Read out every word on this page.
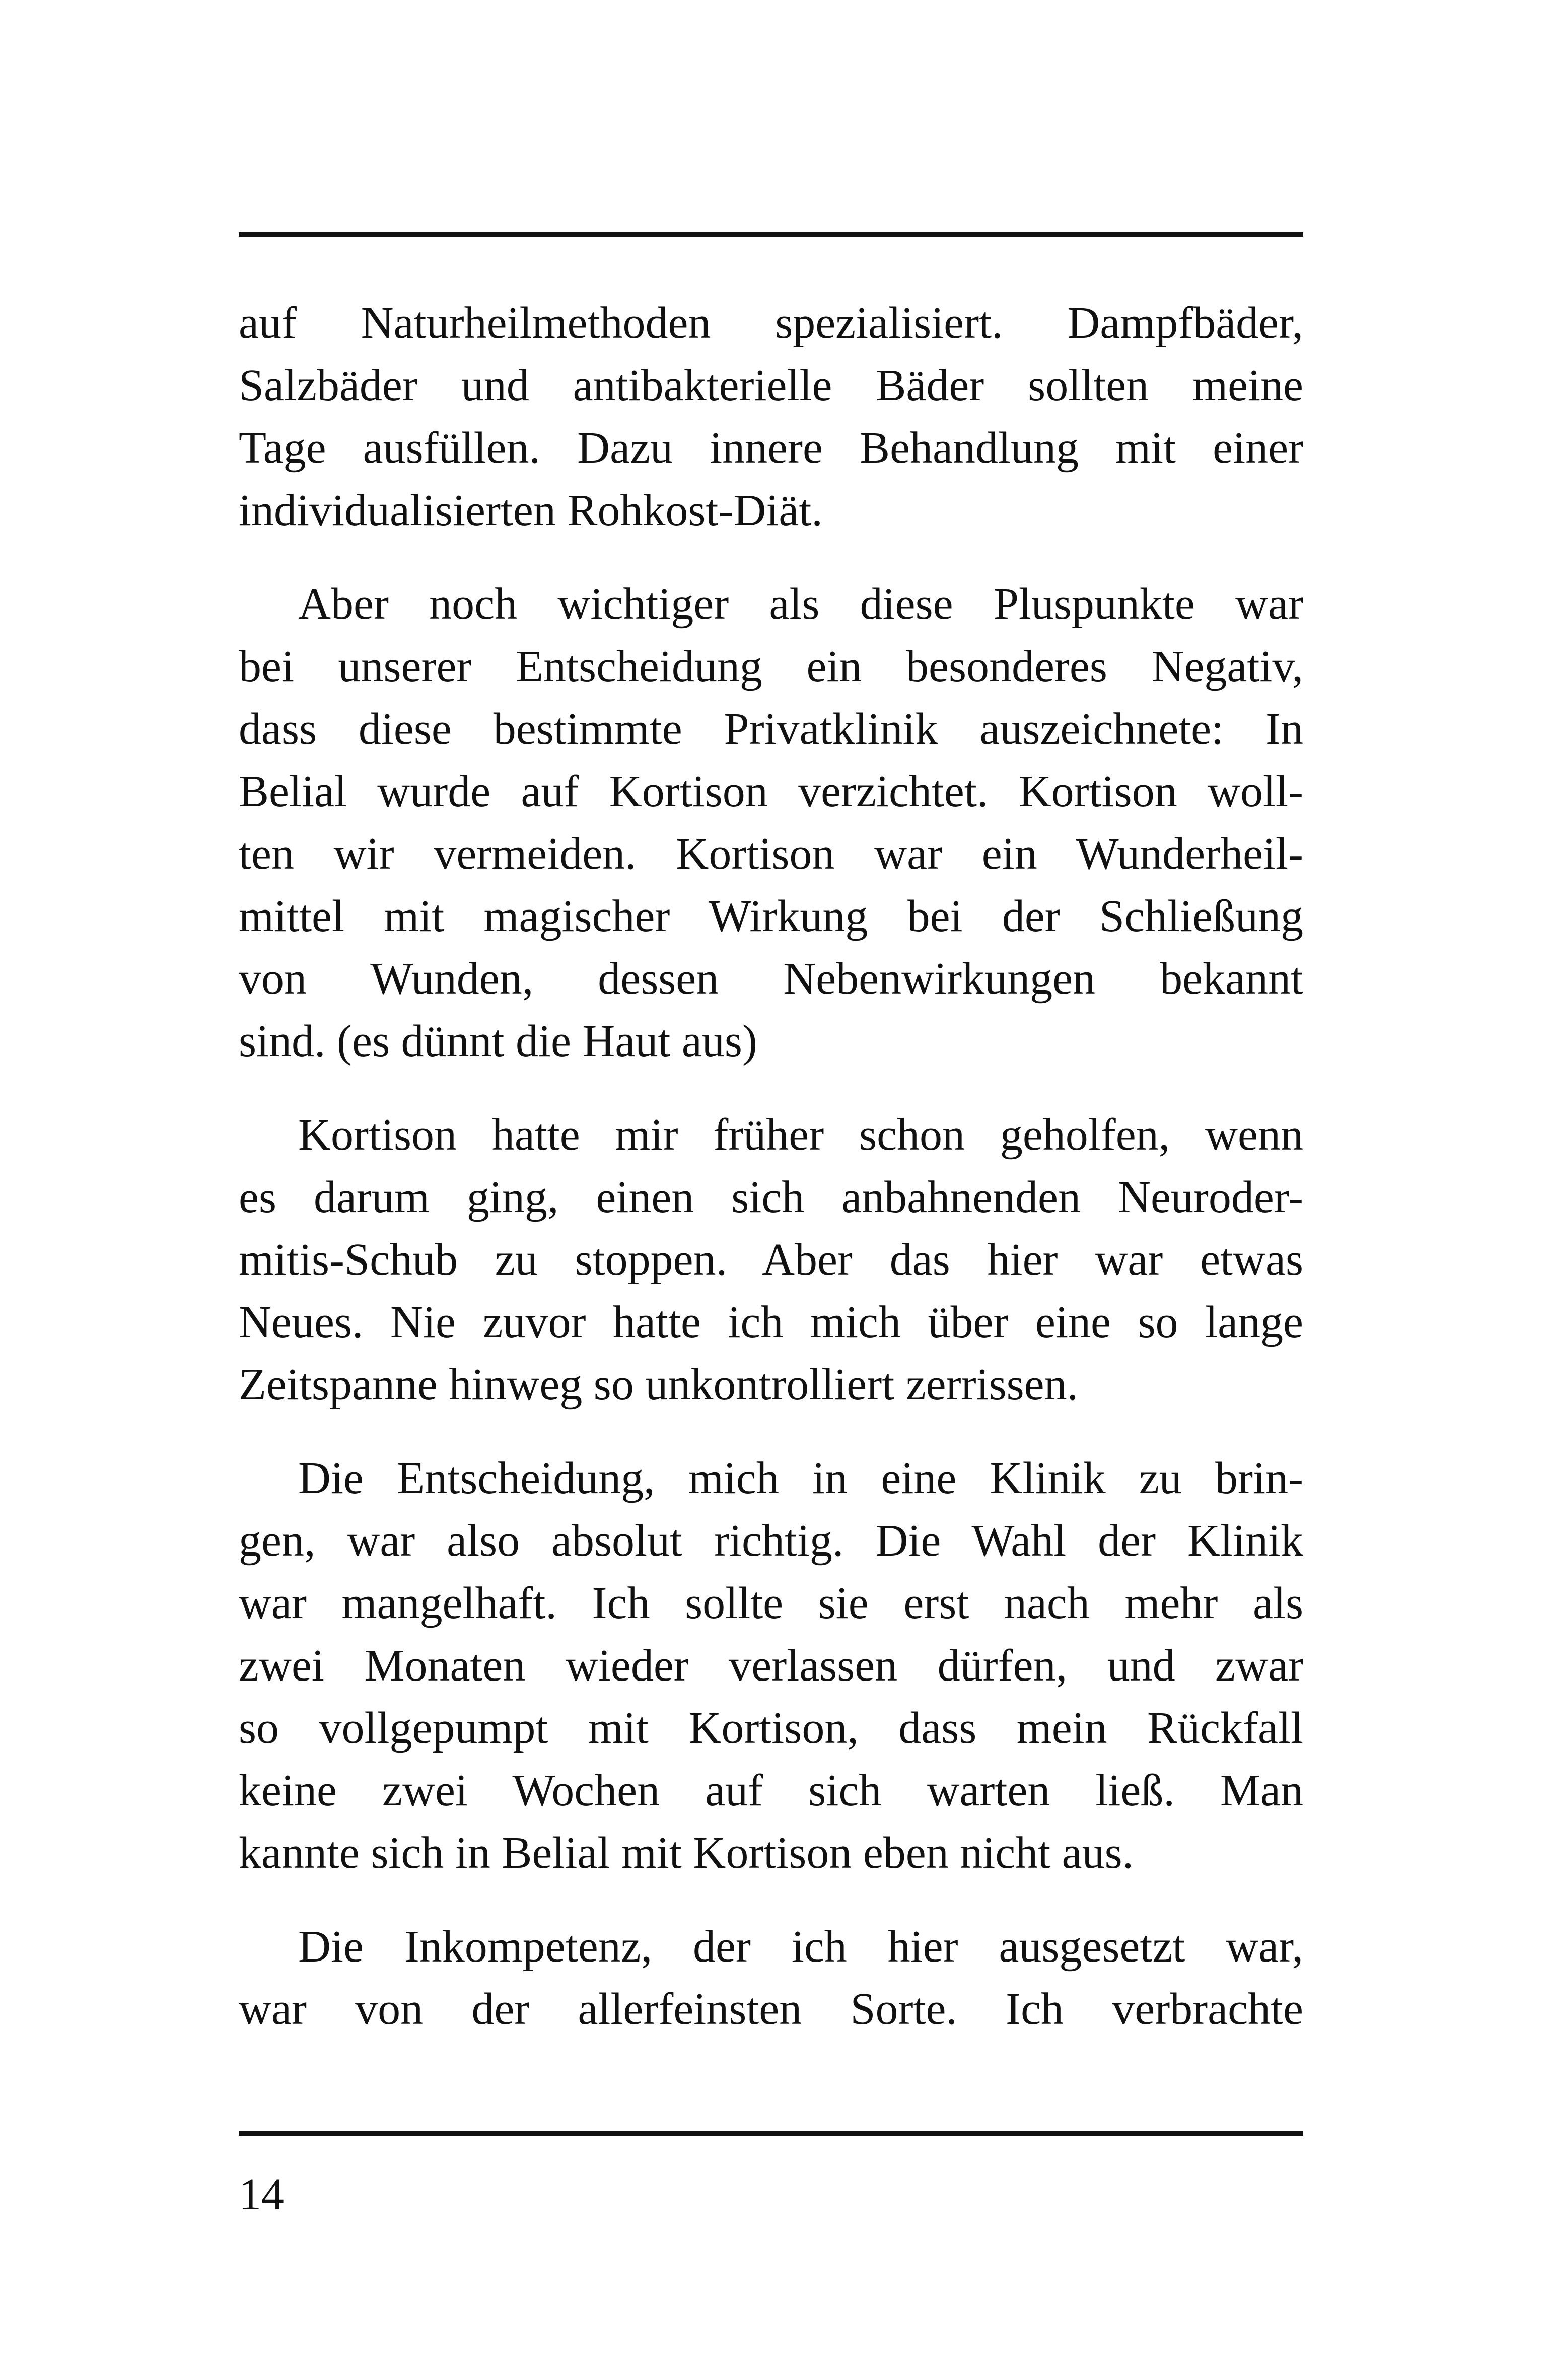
auf Naturheilmethoden spezialisiert. Dampfbäder,
Salzbäder und antibakterielle Bäder sollten meine
Tage ausfüllen. Dazu innere Behandlung mit einer
individualisierten Rohkost-Diät.

Aber noch wichtiger als diese Pluspunkte war
bei unserer Entscheidung ein besonderes Negativ,
dass diese bestimmte Privatklinik auszeichnete: In
Belial wurde auf Kortison verzichtet. Kortison woll-
ten wir vermeiden. Kortison war ein Wunderheil-
mittel mit magischer Wirkung bei der Schließung
von Wunden, dessen Nebenwirkungen bekannt
sind. (es dünnt die Haut aus)

Kortison hatte mir früher schon geholfen, wenn
es darum ging, einen sich anbahnenden Neuroder-
mitis-Schub zu stoppen. Aber das hier war etwas
Neues. Nie zuvor hatte ich mich über eine so lange
Zeitspanne hinweg so unkontrolliert zerrissen.

Die Entscheidung, mich in eine Klinik zu brin-
gen, war also absolut richtig. Die Wahl der Klinik
war mangelhaft. Ich sollte sie erst nach mehr als
zwei Monaten wieder verlassen dürfen, und zwar
so vollgepumpt mit Kortison, dass mein Rückfall
keine zwei Wochen auf sich warten ließ. Man
kannte sich in Belial mit Kortison eben nicht aus.

Die Inkompetenz, der ich hier ausgesetzt war,
war von der allerfeinsten Sorte. Ich verbrachte

14
